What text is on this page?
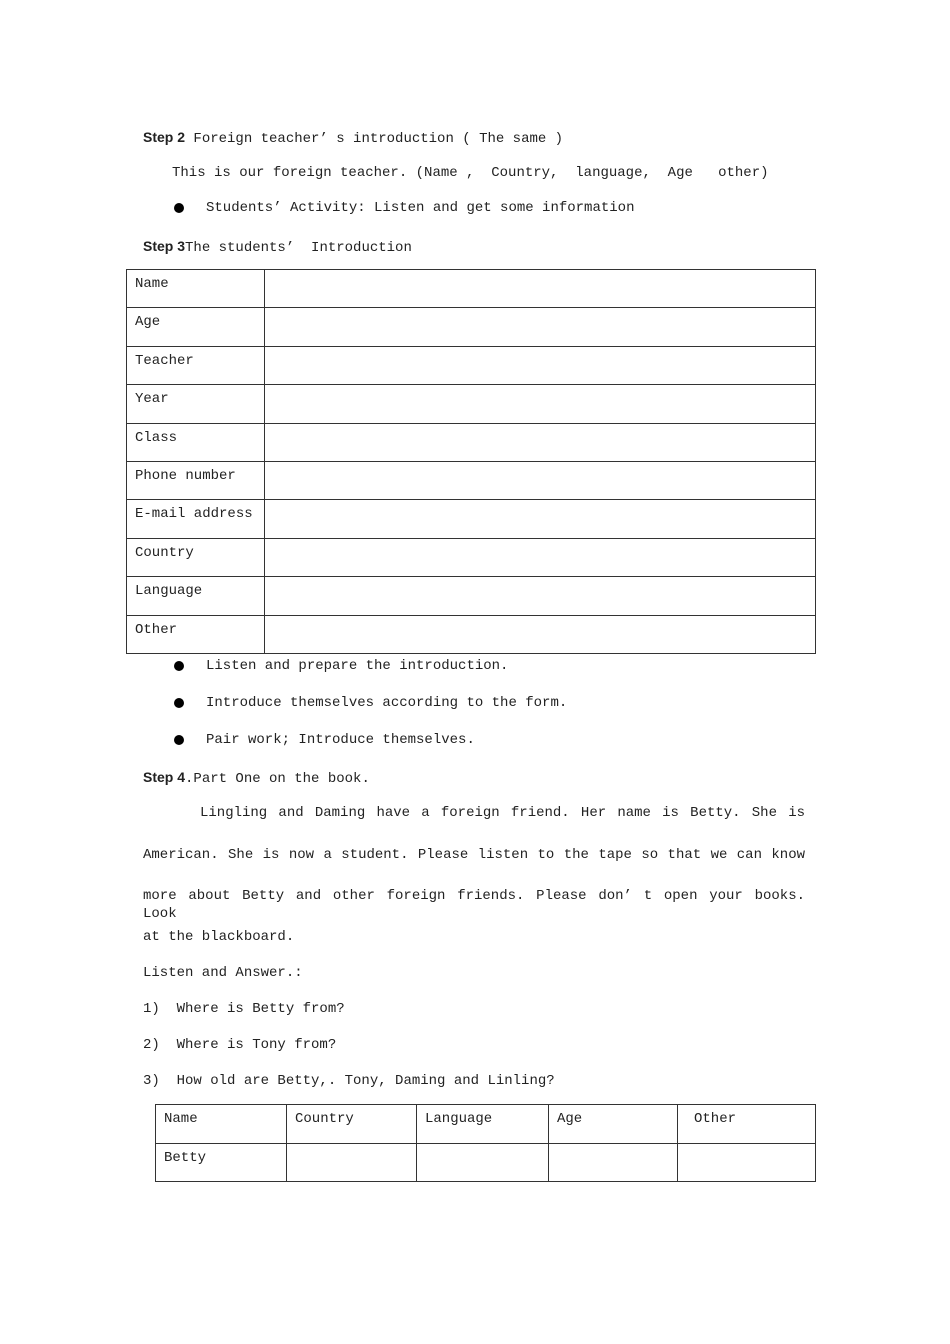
Step 2 Foreign teacher’ s introduction ( The same )
This is our foreign teacher. (Name ,  Country,  language,  Age   other)
Students’ Activity: Listen and get some information
Step 3The students’  Introduction
Name	
Age	
Teacher	
Year	
Class	
Phone number	
E-mail address	
Country	
Language	
Other	
Listen and prepare the introduction.
Introduce themselves according to the form.
Pair work; Introduce themselves.
Step 4.Part One on the book.
Lingling and Daming have a foreign friend. Her name is Betty. She is
American. She is now a student. Please listen to the tape so that we can know
more about Betty and other foreign friends. Please don’ t open your books. Look
at the blackboard.
Listen and Answer.:
1)  Where is Betty from?
2)  Where is Tony from?
3)  How old are Betty,. Tony, Daming and Linling?
Name	Country	Language	Age	Other
Betty				
